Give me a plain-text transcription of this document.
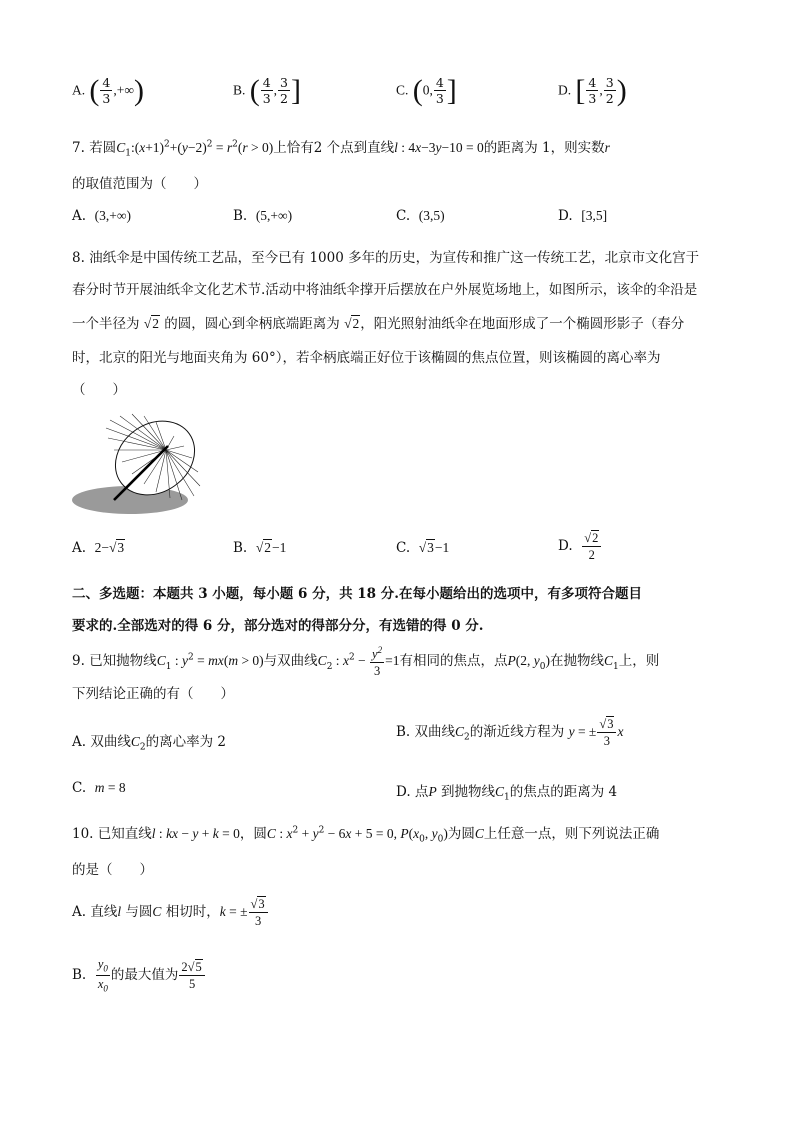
A. ( $\frac{4}{3}$ ,+∞)	B. ( $\frac{4}{3}$ , $\frac{3}{2}$ ]	C. (0, $\frac{4}{3}$ ]	D. [ $\frac{4}{3}$ , $\frac{3}{2}$ )
7. 若圆$C_1:(x+1)^2+(y-2)^2 = r^2(r > 0)$上恰有2 个点到直线l : 4x−3y−10 = 0的距离为 1，则实数r
的取值范围为（　　）
A. (3,+∞)	B. (5,+∞)	C. (3,5)	D. [3,5]
8. 油纸伞是中国传统工艺品，至今已有 1000 多年的历史，为宣传和推广这一传统工艺，北京市文化宫于
春分时节开展油纸伞文化艺术节.活动中将油纸伞撑开后摆放在户外展览场地上，如图所示，该伞的伞沿是
一个半径为 √2 的圆，圆心到伞柄底端距离为 √2，阳光照射油纸伞在地面形成了一个椭圆形影子（春分
时，北京的阳光与地面夹角为 60°），若伞柄底端正好位于该椭圆的焦点位置，则该椭圆的离心率为
（　　）
A. 2−√3	B. √2−1	C. √3−1	D. $\frac{√2}{2}$
二、多选题：本题共 3 小题，每小题 6 分，共 18 分.在每小题给出的选项中，有多项符合题目
要求的.全部选对的得 6 分，部分选对的得部分分，有选错的得 0 分.
9. 已知抛物线$C_1$ : $y^2 = mx(m > 0)$与双曲线$C_2$ : $x^2 - \frac{y^2}{3} =1$有相同的焦点，点P(2, $y_0$)在抛物线$C_1$上，则
下列结论正确的有（　　）
A. 双曲线$C_2$的离心率为 2
B. 双曲线$C_2$的渐近线方程为 y = ± $\frac{√3}{3}$ x
C. m = 8	D. 点P 到抛物线$C_1$的焦点的距离为 4
10. 已知直线l : kx − y + k = 0，圆C : $x^2 + y^2 - 6x + 5 = 0$, $P(x_0$, $y_0$)为圆C上任意一点，则下列说法正确
的是（　　）
A. 直线l 与圆C 相切时，k = ± $\frac{√3}{3}$
B. $\frac{y_0}{x_0}$ 的最大值为 $\frac{2√5}{5}$
